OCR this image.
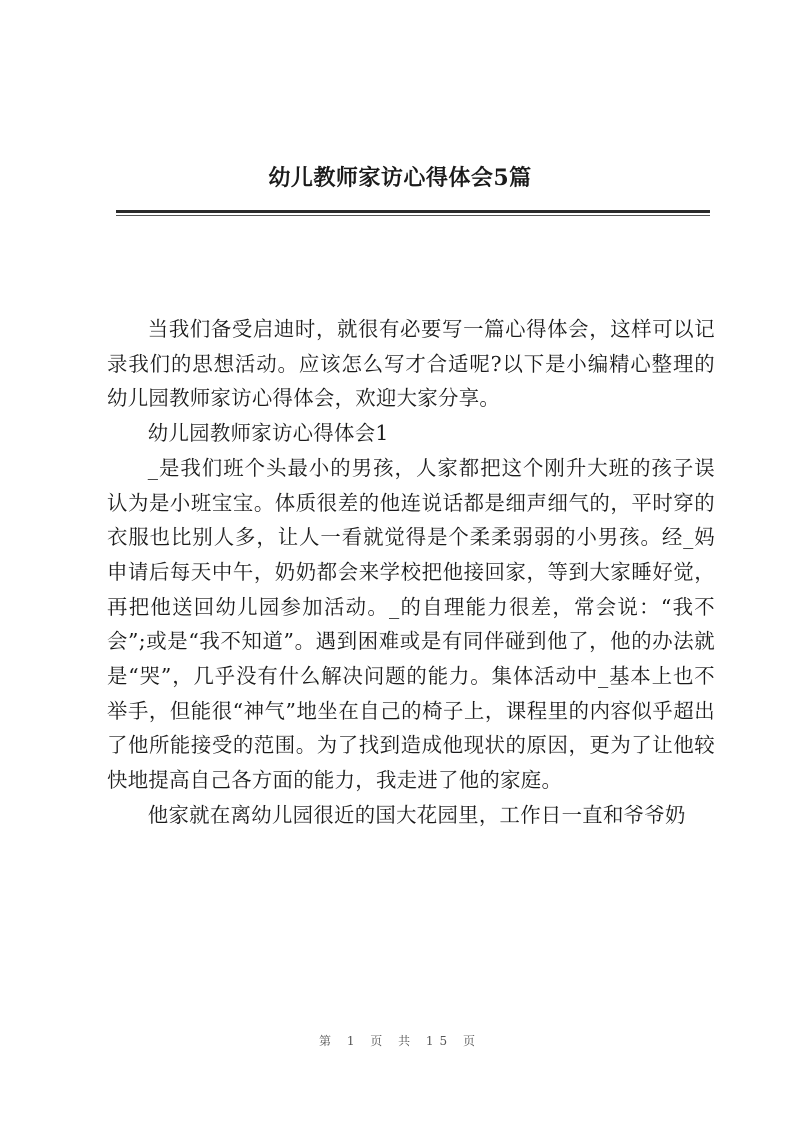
幼儿教师家访心得体会5篇

当我们备受启迪时，就很有必要写一篇心得体会，这样可以记录我们的思想活动。应该怎么写才合适呢?以下是小编精心整理的幼儿园教师家访心得体会，欢迎大家分享。

幼儿园教师家访心得体会1

_是我们班个头最小的男孩，人家都把这个刚升大班的孩子误认为是小班宝宝。体质很差的他连说话都是细声细气的，平时穿的衣服也比别人多，让人一看就觉得是个柔柔弱弱的小男孩。经_妈申请后每天中午，奶奶都会来学校把他接回家，等到大家睡好觉，再把他送回幼儿园参加活动。_的自理能力很差，常会说：“我不会”;或是“我不知道”。遇到困难或是有同伴碰到他了，他的办法就是“哭”，几乎没有什么解决问题的能力。集体活动中_基本上也不举手，但能很“神气”地坐在自己的椅子上，课程里的内容似乎超出了他所能接受的范围。为了找到造成他现状的原因，更为了让他较快地提高自己各方面的能力，我走进了他的家庭。

他家就在离幼儿园很近的国大花园里，工作日一直和爷爷奶

第 1 页 共 15 页
